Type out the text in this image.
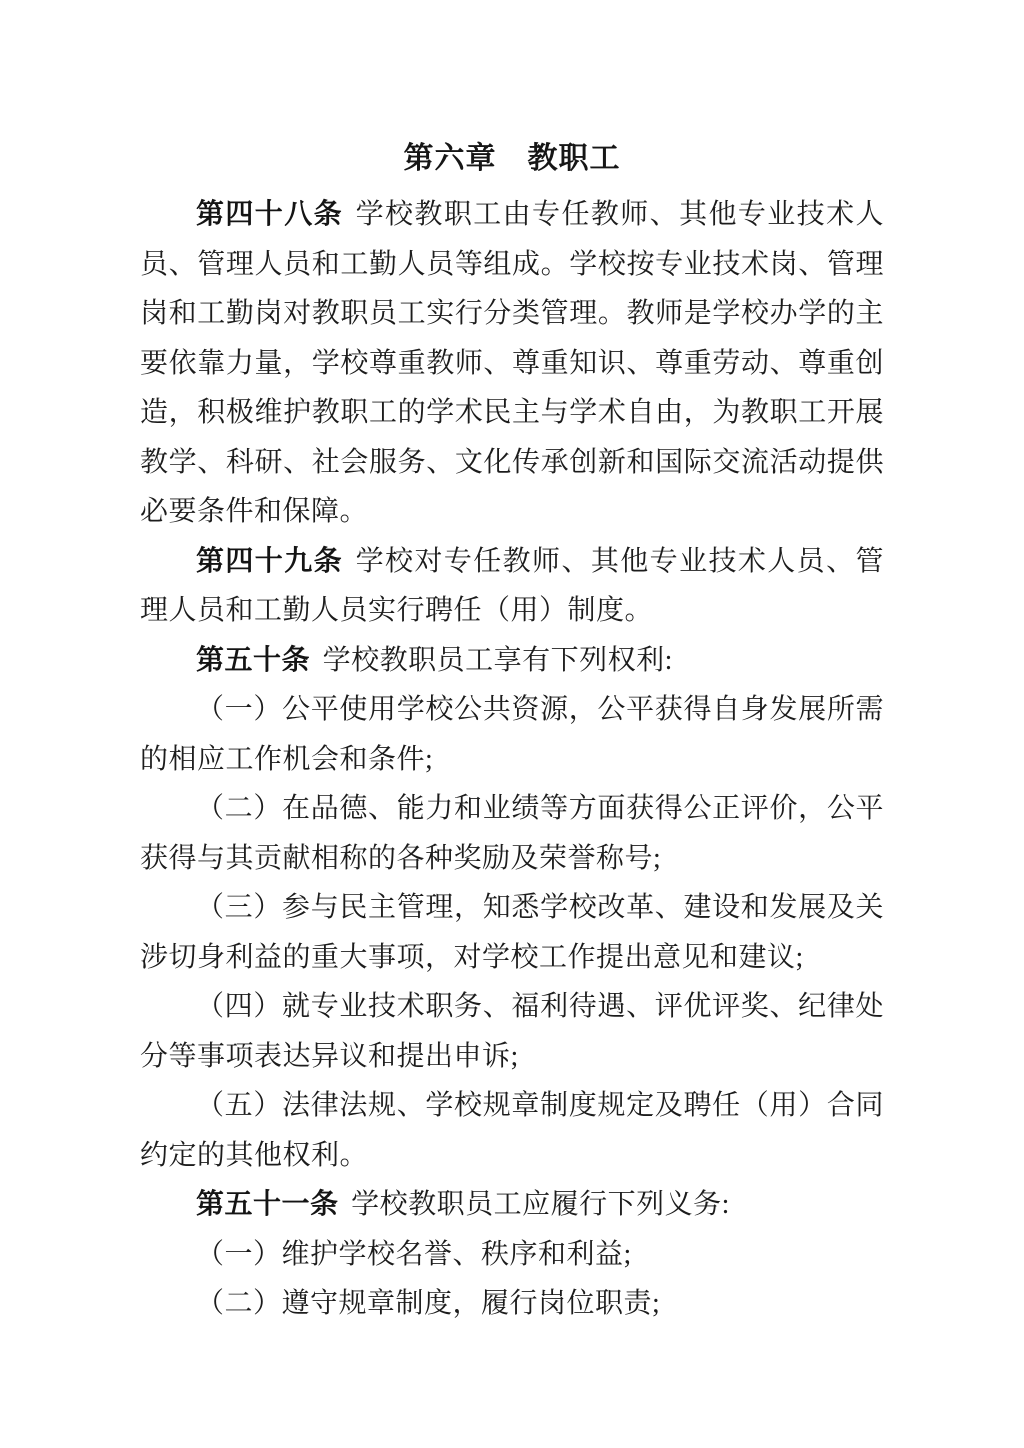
第六章　教职工

第四十八条 学校教职工由专任教师、其他专业技术人员、管理人员和工勤人员等组成。学校按专业技术岗、管理岗和工勤岗对教职员工实行分类管理。教师是学校办学的主要依靠力量，学校尊重教师、尊重知识、尊重劳动、尊重创造，积极维护教职工的学术民主与学术自由，为教职工开展教学、科研、社会服务、文化传承创新和国际交流活动提供必要条件和保障。

第四十九条 学校对专任教师、其他专业技术人员、管理人员和工勤人员实行聘任（用）制度。

第五十条 学校教职员工享有下列权利:

（一）公平使用学校公共资源，公平获得自身发展所需的相应工作机会和条件;

（二）在品德、能力和业绩等方面获得公正评价，公平获得与其贡献相称的各种奖励及荣誉称号;

（三）参与民主管理，知悉学校改革、建设和发展及关涉切身利益的重大事项，对学校工作提出意见和建议;

（四）就专业技术职务、福利待遇、评优评奖、纪律处分等事项表达异议和提出申诉;

（五）法律法规、学校规章制度规定及聘任（用）合同约定的其他权利。

第五十一条 学校教职员工应履行下列义务:

（一）维护学校名誉、秩序和利益;

（二）遵守规章制度，履行岗位职责;
